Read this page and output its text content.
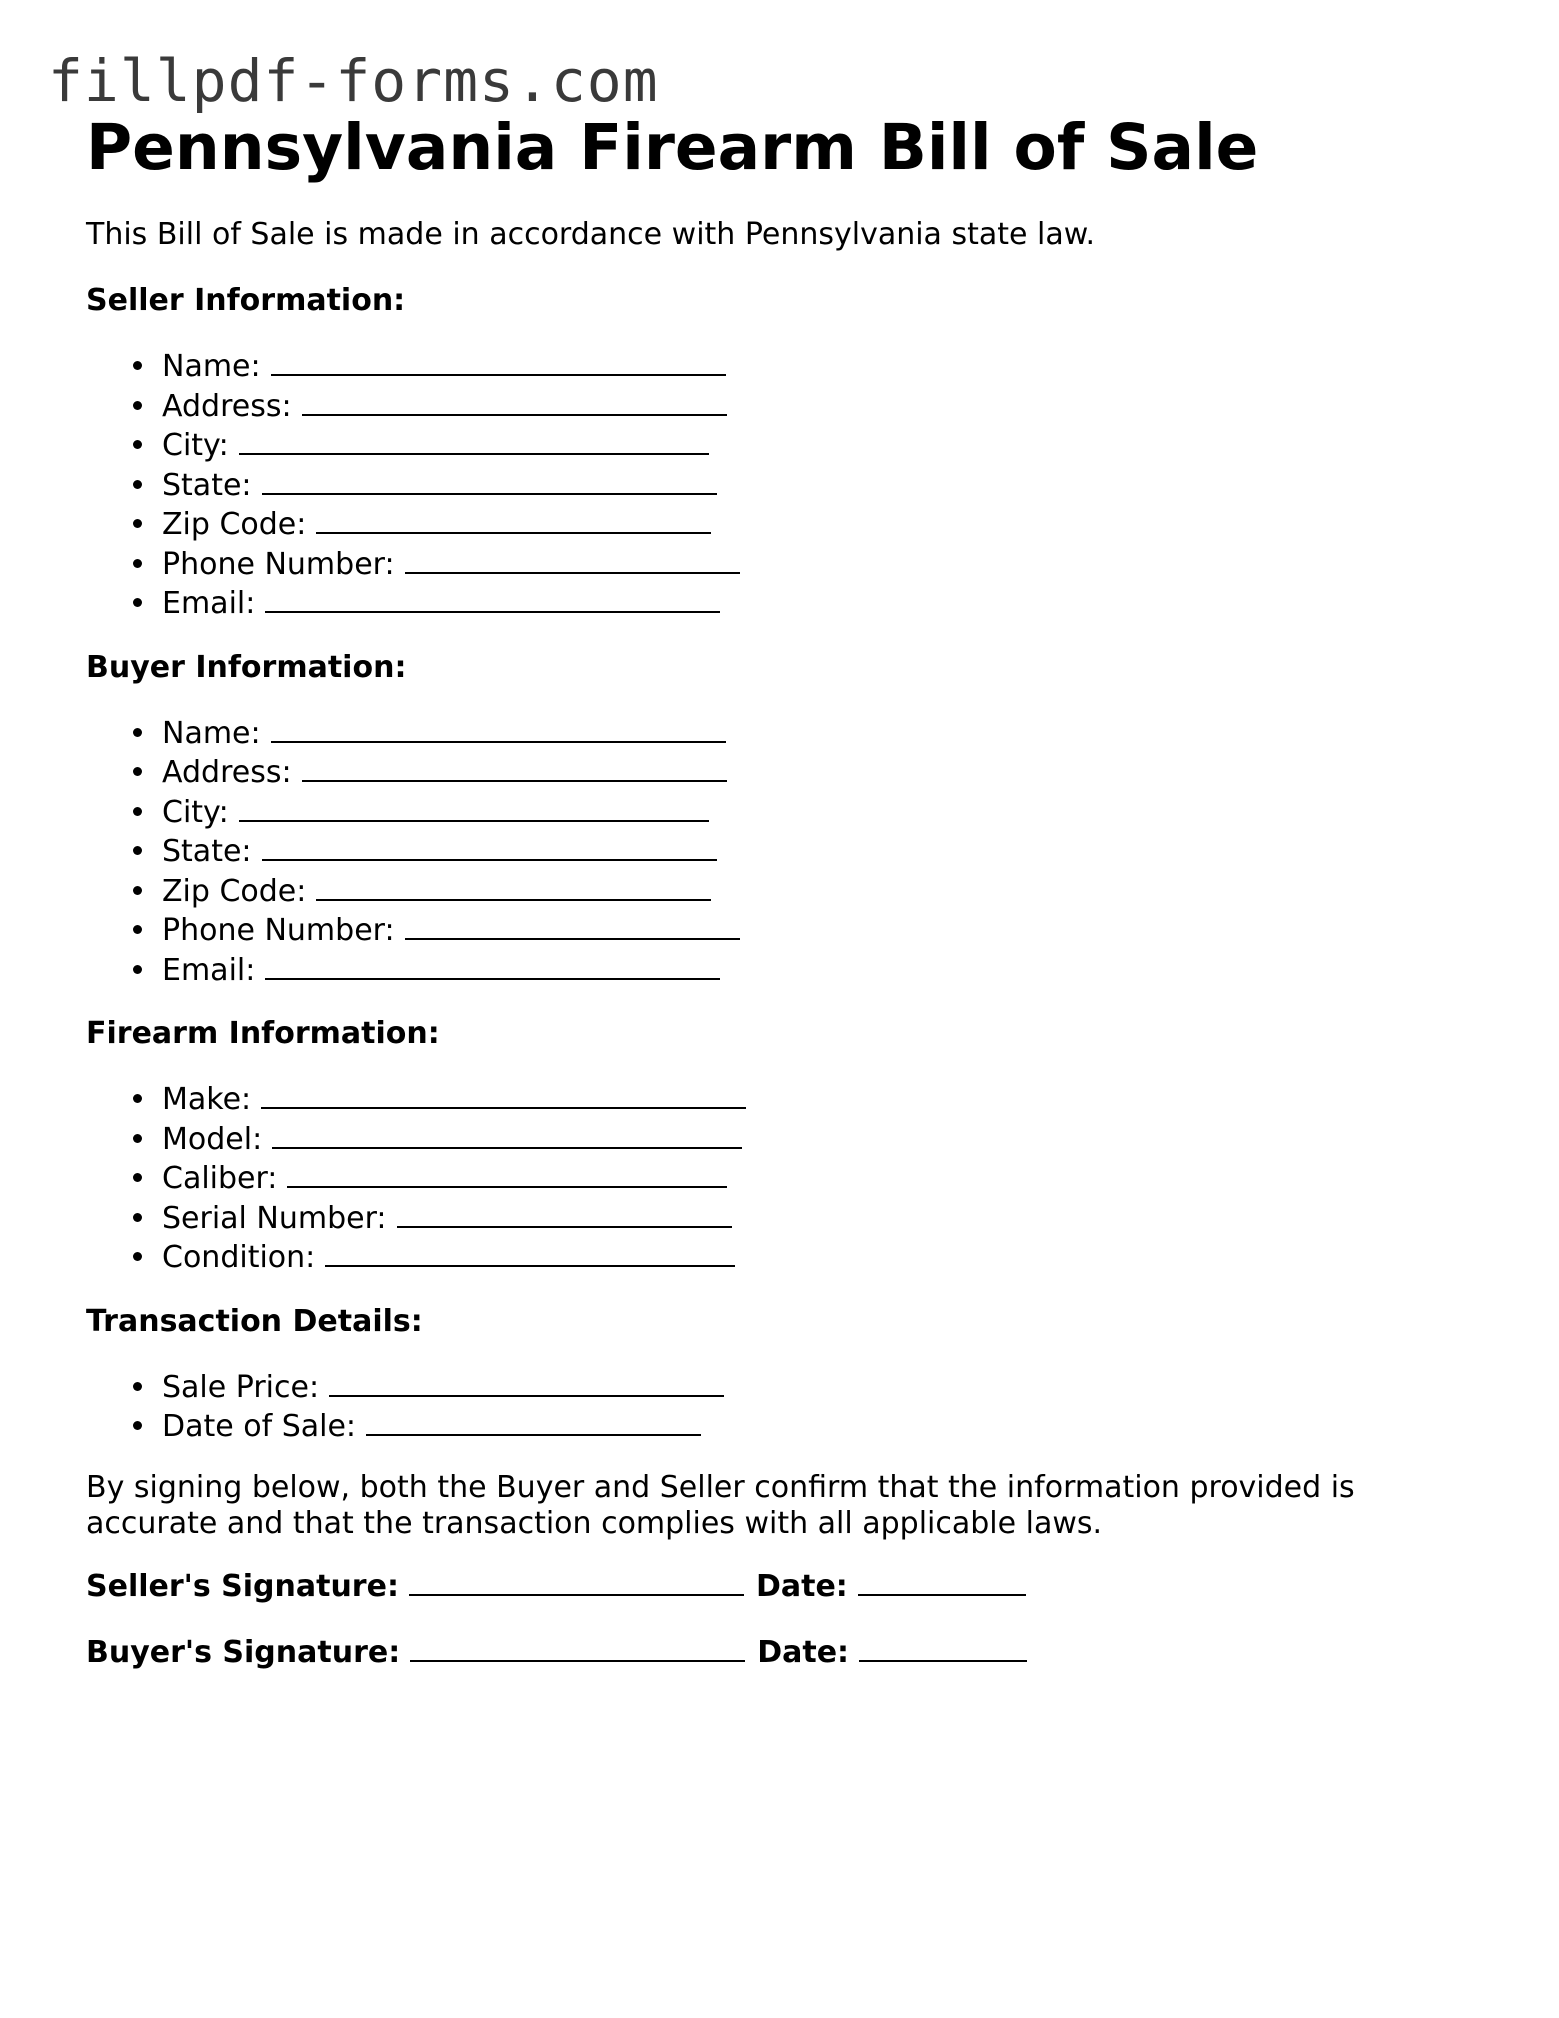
fillpdf-forms.com
Pennsylvania Firearm Bill of Sale

This Bill of Sale is made in accordance with Pennsylvania state law.

Seller Information:
Name:
Address:
City:
State:
Zip Code:
Phone Number:
Email:
Buyer Information:
Name:
Address:
City:
State:
Zip Code:
Phone Number:
Email:
Firearm Information:
Make:
Model:
Caliber:
Serial Number:
Condition:
Transaction Details:
Sale Price:
Date of Sale:

By signing below, both the Buyer and Seller confirm that the information provided is accurate and that the transaction complies with all applicable laws.

Seller's Signature:	Date:
Buyer's Signature:	Date:
